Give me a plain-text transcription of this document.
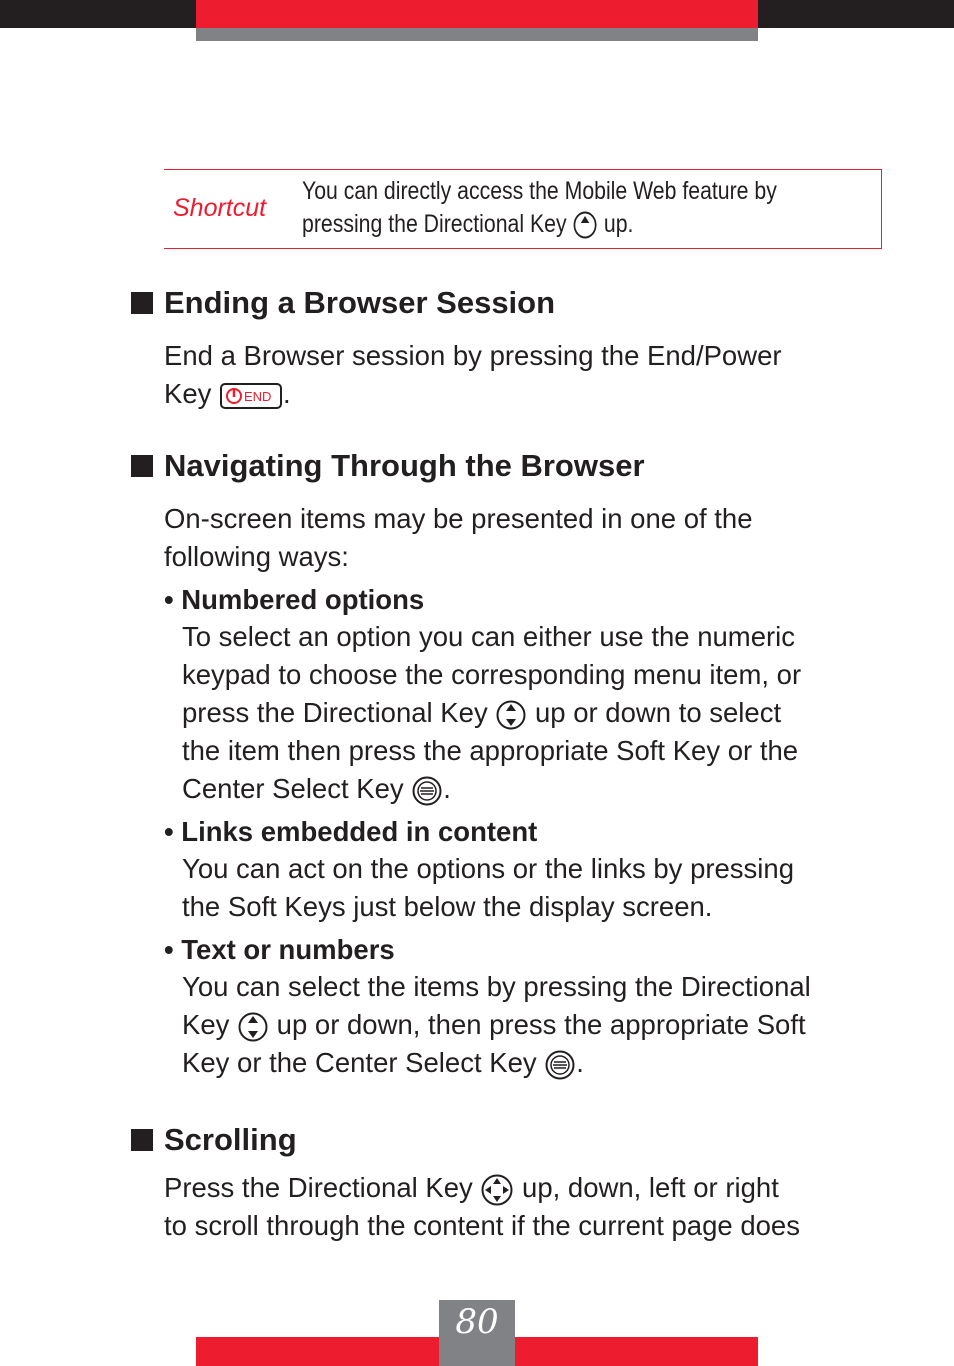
Shortcut
You can directly access the Mobile Web feature by
pressing the Directional Key up.
Ending a Browser Session
End a Browser session by pressing the End/Power
Key	END .
Navigating Through the Browser
On-screen items may be presented in one of the
following ways:
• Numbered options
To select an option you can either use the numeric
keypad to choose the corresponding menu item, or
press the Directional Key up or down to select
the item then press the appropriate Soft Key or the
Center Select Key .
• Links embedded in content
You can act on the options or the links by pressing
the Soft Keys just below the display screen.
• Text or numbers
You can select the items by pressing the Directional
Key up or down, then press the appropriate Soft
Key or the Center Select Key .
Scrolling
Press the Directional Key up, down, left or right
to scroll through the content if the current page does
80
